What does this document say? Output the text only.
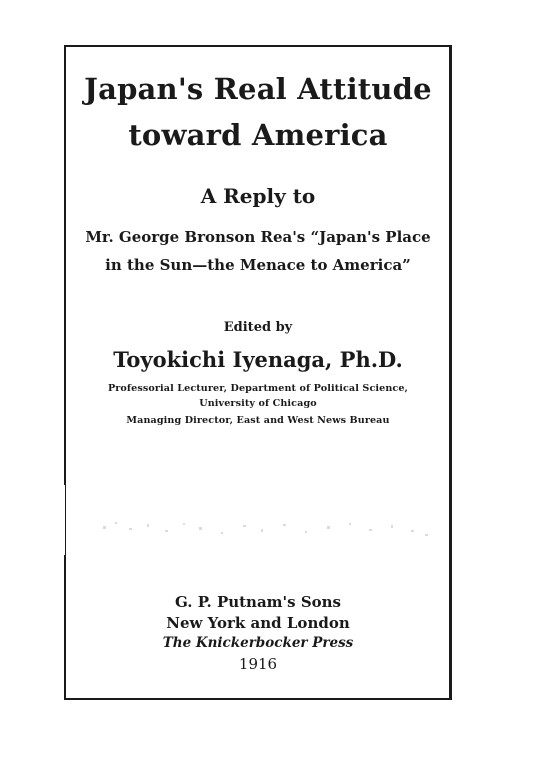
Japan's Real Attitude

toward America

A Reply to

Mr. George Bronson Rea's “Japan's Place

in the Sun—the Menace to America”

Edited by

Toyokichi Iyenaga, Ph.D.

Professorial Lecturer, Department of Political Science,

University of Chicago

Managing Director, East and West News Bureau

G. P. Putnam's Sons

New York and London

The Knickerbocker Press

1916
